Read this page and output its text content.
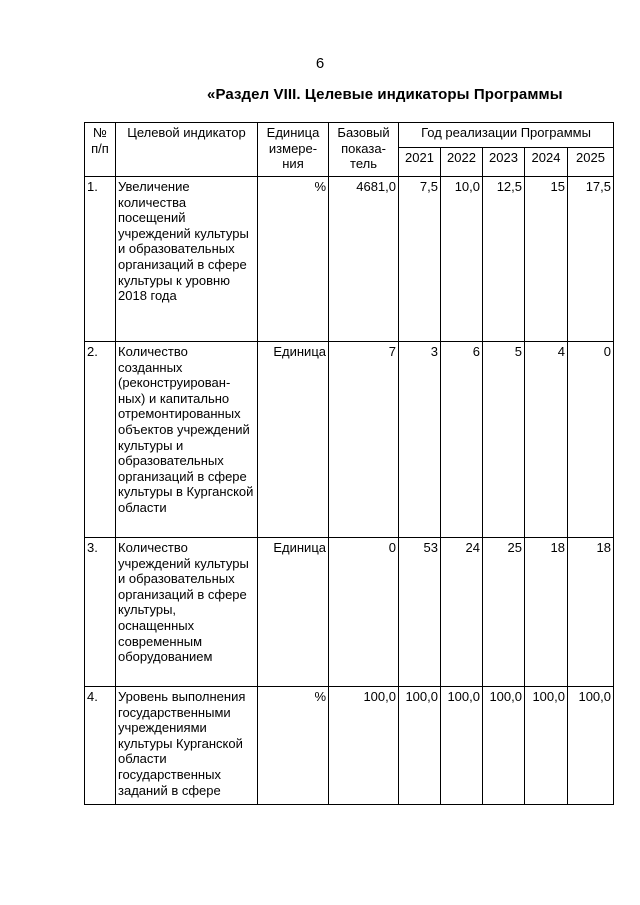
6
«Раздел VIII. Целевые индикаторы Программы
№ п/п	Целевой индикатор	Единица измере-ния	Базовый показа-тель	Год реализации Программы				
				2021	2022	2023	2024	2025
1.	Увеличение количества посещений учреждений культуры и образовательных организаций в сфере культуры к уровню 2018 года	%	4681,0	7,5	10,0	12,5	15	17,5
2.	Количество созданных (реконструирован-ных) и капитально отремонтированных объектов учреждений культуры и образовательных организаций в сфере культуры в Курганской области	Единица	7	3	6	5	4	0
3.	Количество учреждений культуры и образовательных организаций в сфере культуры, оснащенных современным оборудованием	Единица	0	53	24	25	18	18
4.	Уровень выполнения государственными учреждениями культуры Курганской области государственных заданий в сфере	%	100,0	100,0	100,0	100,0	100,0	100,0
